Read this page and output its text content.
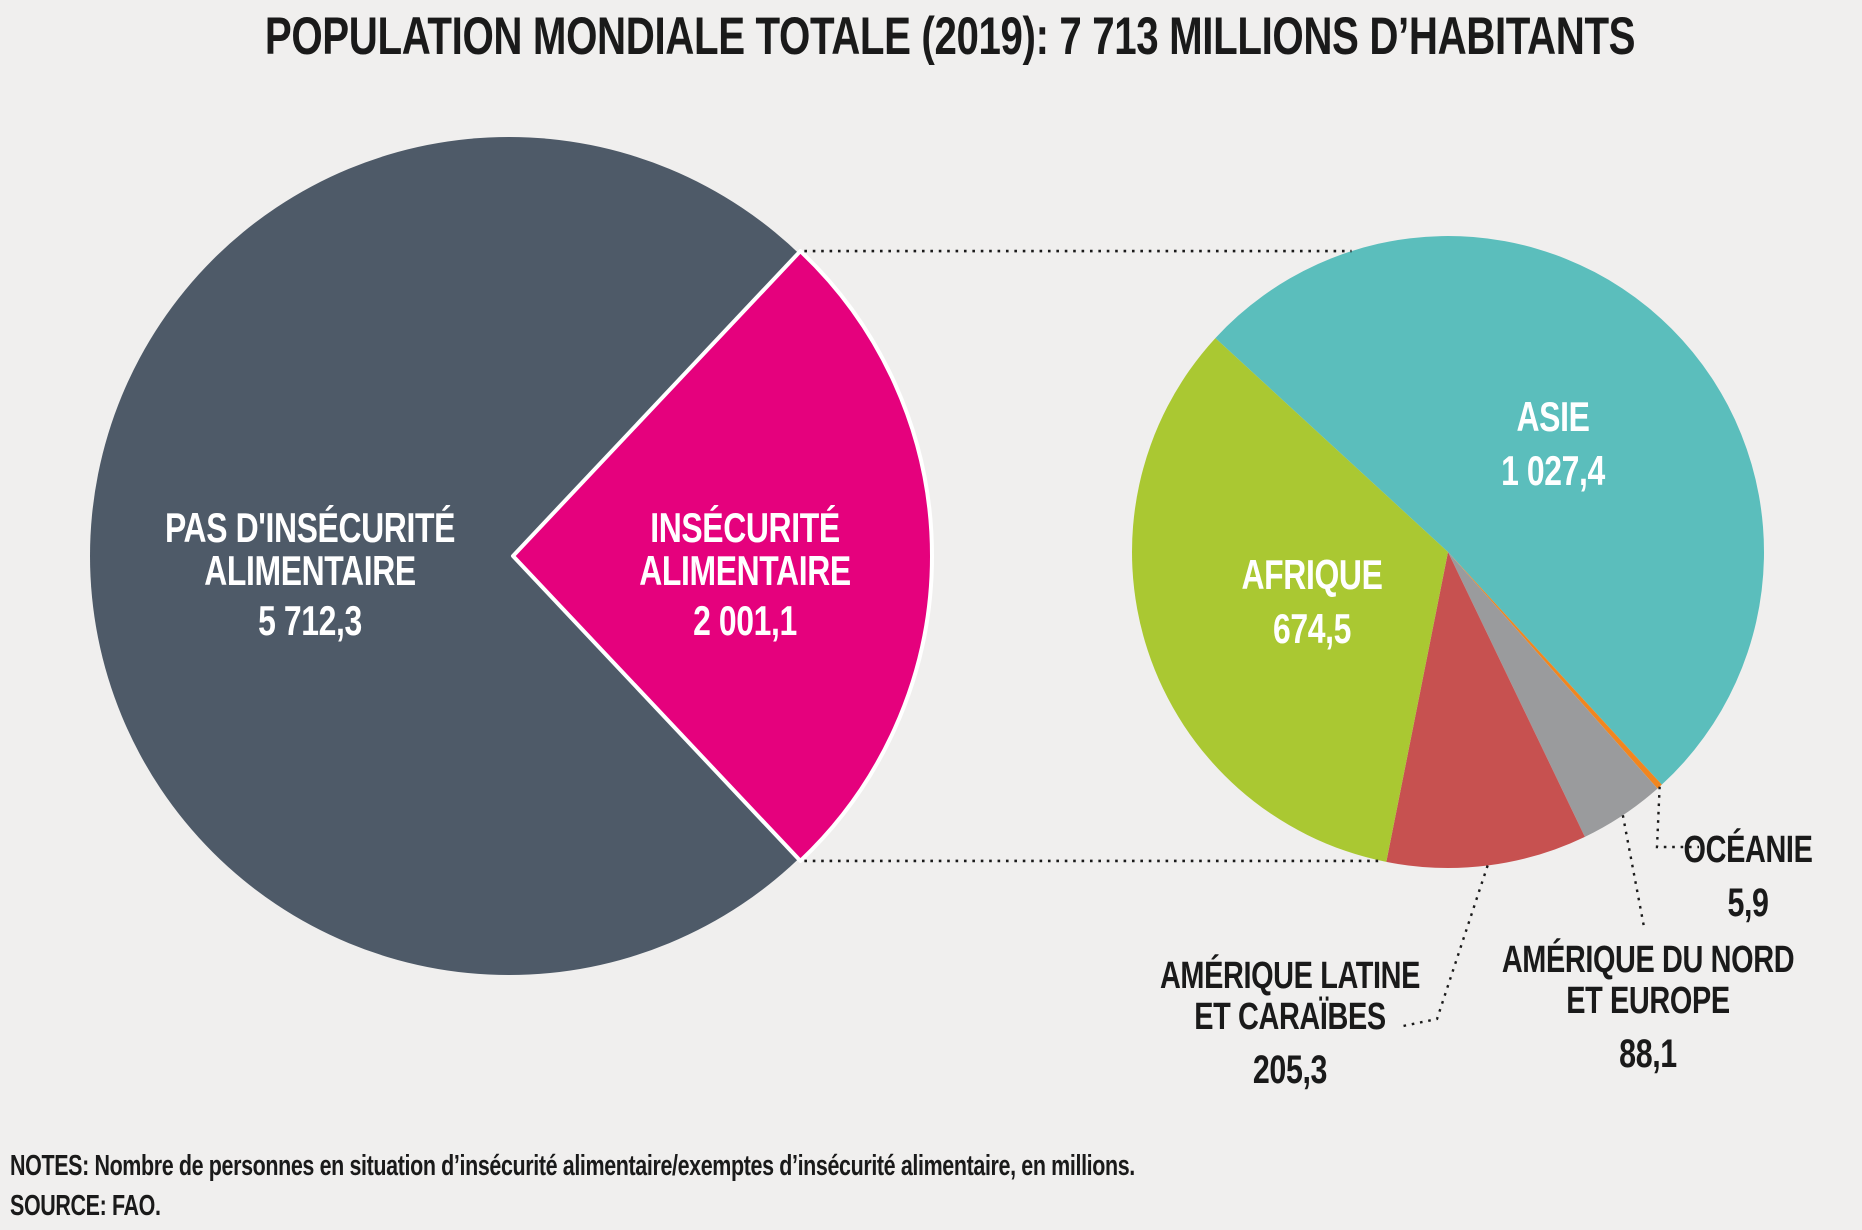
POPULATION MONDIALE TOTALE (2019): 7 713 MILLIONS D’HABITANTS
PAS D'INSÉCURITÉ
ALIMENTAIRE
5 712,3
INSÉCURITÉ
ALIMENTAIRE
2 001,1
ASIE
1 027,4
AFRIQUE
674,5
AMÉRIQUE LATINE
ET CARAÏBES
205,3
AMÉRIQUE DU NORD
ET EUROPE
88,1
OCÉANIE
5,9
NOTES: Nombre de personnes en situation d’insécurité alimentaire/exemptes d’insécurité alimentaire, en millions.
SOURCE: FAO.
